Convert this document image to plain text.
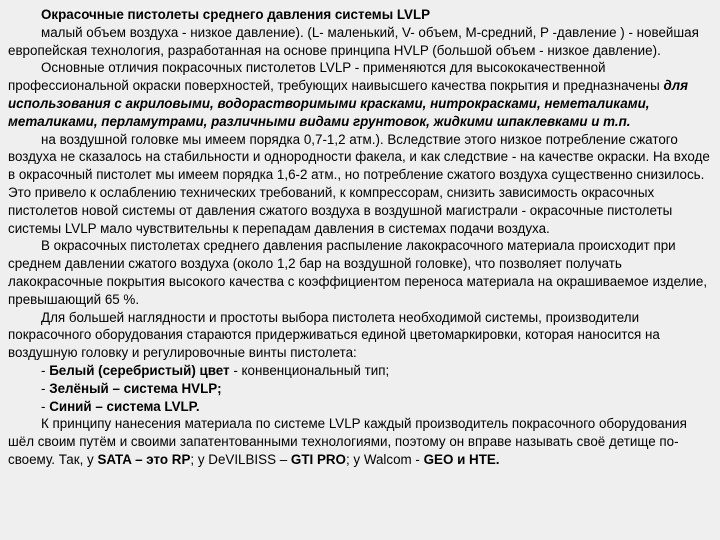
Окрасочные пистолеты среднего давления системы LVLP

малый объем воздуха - низкое давление). (L- маленький, V- объем, M-средний, P -давление ) - новейшая европейская технология, разработанная на основе принципа HVLP (большой объем - низкое давление).

Основные отличия покрасочных пистолетов LVLP - применяются для высококачественной профессиональной окраски поверхностей, требующих наивысшего качества покрытия и предназначены для использования с акриловыми, водорастворимыми красками, нитрокрасками, неметаликами, металиками, перламутрами, различными видами грунтовок, жидкими шпаклевками и т.п.

на воздушной головке мы имеем порядка 0,7-1,2 атм.). Вследствие этого низкое потребление сжатого воздуха не сказалось на стабильности и однородности факела, и как следствие - на качестве окраски. На входе в окрасочный пистолет мы имеем порядка 1,6-2 атм., но потребление сжатого воздуха существенно снизилось. Это привело к ослаблению технических требований, к компрессорам, снизить зависимость окрасочных пистолетов новой системы от давления сжатого воздуха в воздушной магистрали - окрасочные пистолеты системы LVLP мало чувствительны к перепадам давления в системах подачи воздуха.

В окрасочных пистолетах среднего давления распыление лакокрасочного материала происходит при среднем давлении сжатого воздуха (около 1,2 бар на воздушной головке), что позволяет получать лакокрасочные покрытия высокого качества с коэффициентом переноса материала на окрашиваемое изделие, превышающий 65 %.

Для большей наглядности и простоты выбора пистолета необходимой системы, производители покрасочного оборудования стараются придерживаться единой цветомаркировки, которая наносится на воздушную головку и регулировочные винты пистолета:

- Белый (серебристый) цвет - конвенциональный тип;

- Зелёный – система HVLP;

- Синий – система LVLP.

К принципу нанесения материала по системе LVLP каждый производитель покрасочного оборудования шёл своим путём и своими запатентованными технологиями, поэтому он вправе называть своё детище по-своему. Так, у SATA – это RP; у DeVILBISS – GTI PRO; у Walcom - GEO и HTE.
